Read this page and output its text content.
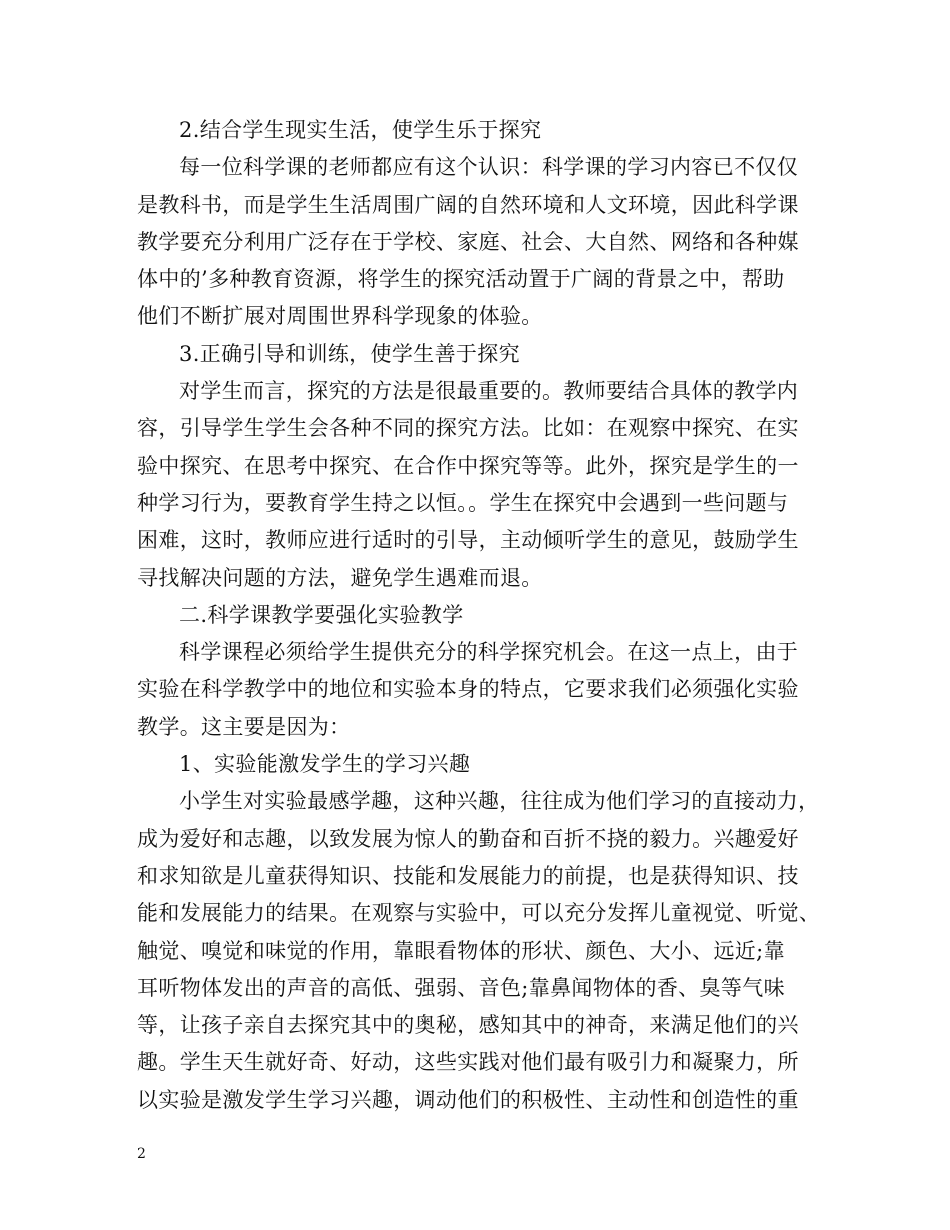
2.结合学生现实生活，使学生乐于探究
每一位科学课的老师都应有这个认识：科学课的学习内容已不仅仅
是教科书，而是学生生活周围广阔的自然环境和人文环境，因此科学课
教学要充分利用广泛存在于学校、家庭、社会、大自然、网络和各种媒
体中的’多种教育资源，将学生的探究活动置于广阔的背景之中，帮助
他们不断扩展对周围世界科学现象的体验。
3.正确引导和训练，使学生善于探究
对学生而言，探究的方法是很最重要的。教师要结合具体的教学内
容，引导学生学生会各种不同的探究方法。比如：在观察中探究、在实
验中探究、在思考中探究、在合作中探究等等。此外，探究是学生的一
种学习行为，要教育学生持之以恒。。学生在探究中会遇到一些问题与
困难，这时，教师应进行适时的引导，主动倾听学生的意见，鼓励学生
寻找解决问题的方法，避免学生遇难而退。
二.科学课教学要强化实验教学
科学课程必须给学生提供充分的科学探究机会。在这一点上，由于
实验在科学教学中的地位和实验本身的特点，它要求我们必须强化实验
教学。这主要是因为：
1、实验能激发学生的学习兴趣
小学生对实验最感学趣，这种兴趣，往往成为他们学习的直接动力，
成为爱好和志趣，以致发展为惊人的勤奋和百折不挠的毅力。兴趣爱好
和求知欲是儿童获得知识、技能和发展能力的前提，也是获得知识、技
能和发展能力的结果。在观察与实验中，可以充分发挥儿童视觉、听觉、
触觉、嗅觉和味觉的作用，靠眼看物体的形状、颜色、大小、远近;靠
耳听物体发出的声音的高低、强弱、音色;靠鼻闻物体的香、臭等气味
等，让孩子亲自去探究其中的奥秘，感知其中的神奇，来满足他们的兴
趣。学生天生就好奇、好动，这些实践对他们最有吸引力和凝聚力，所
以实验是激发学生学习兴趣，调动他们的积极性、主动性和创造性的重
2
